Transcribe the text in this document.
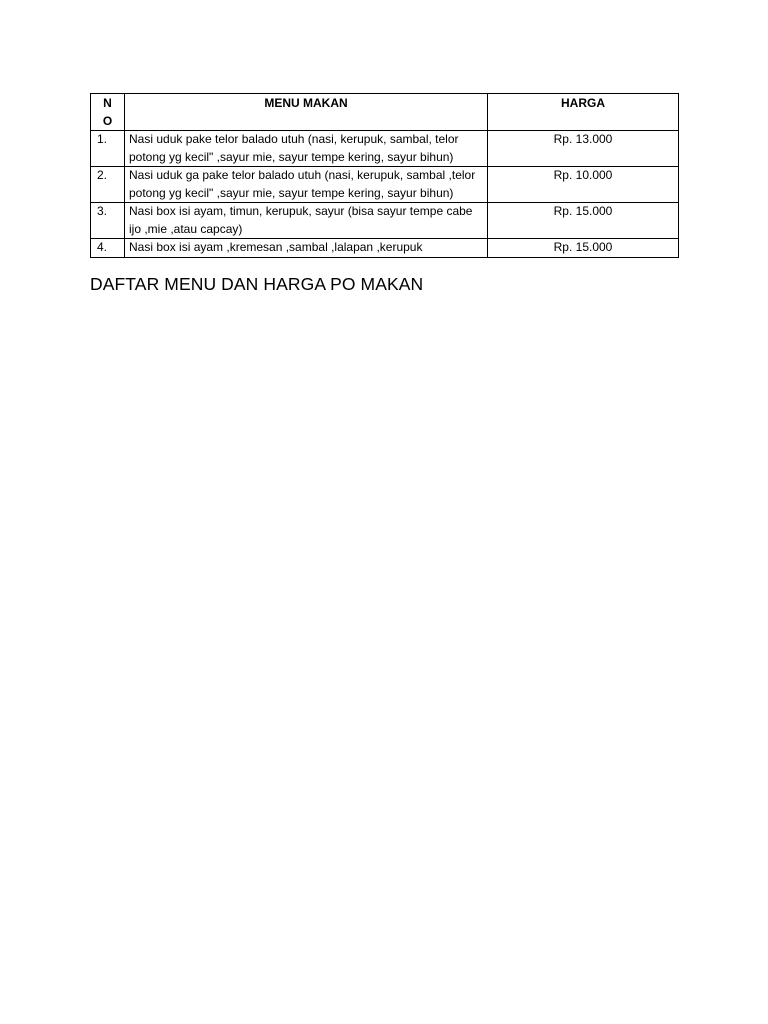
NO	MENU MAKAN	HARGA
1.	Nasi uduk pake telor balado utuh (nasi, kerupuk, sambal, telor potong yg kecil" ,sayur mie, sayur tempe kering, sayur bihun)	Rp. 13.000
2.	Nasi uduk ga pake telor balado utuh (nasi, kerupuk, sambal ,telor potong yg kecil" ,sayur mie, sayur tempe kering, sayur bihun)	Rp. 10.000
3.	Nasi box isi ayam, timun, kerupuk, sayur (bisa sayur tempe cabe ijo ,mie ,atau capcay)	Rp. 15.000
4.	Nasi box isi ayam ,kremesan ,sambal ,lalapan ,kerupuk	Rp. 15.000
DAFTAR MENU DAN HARGA PO MAKAN
